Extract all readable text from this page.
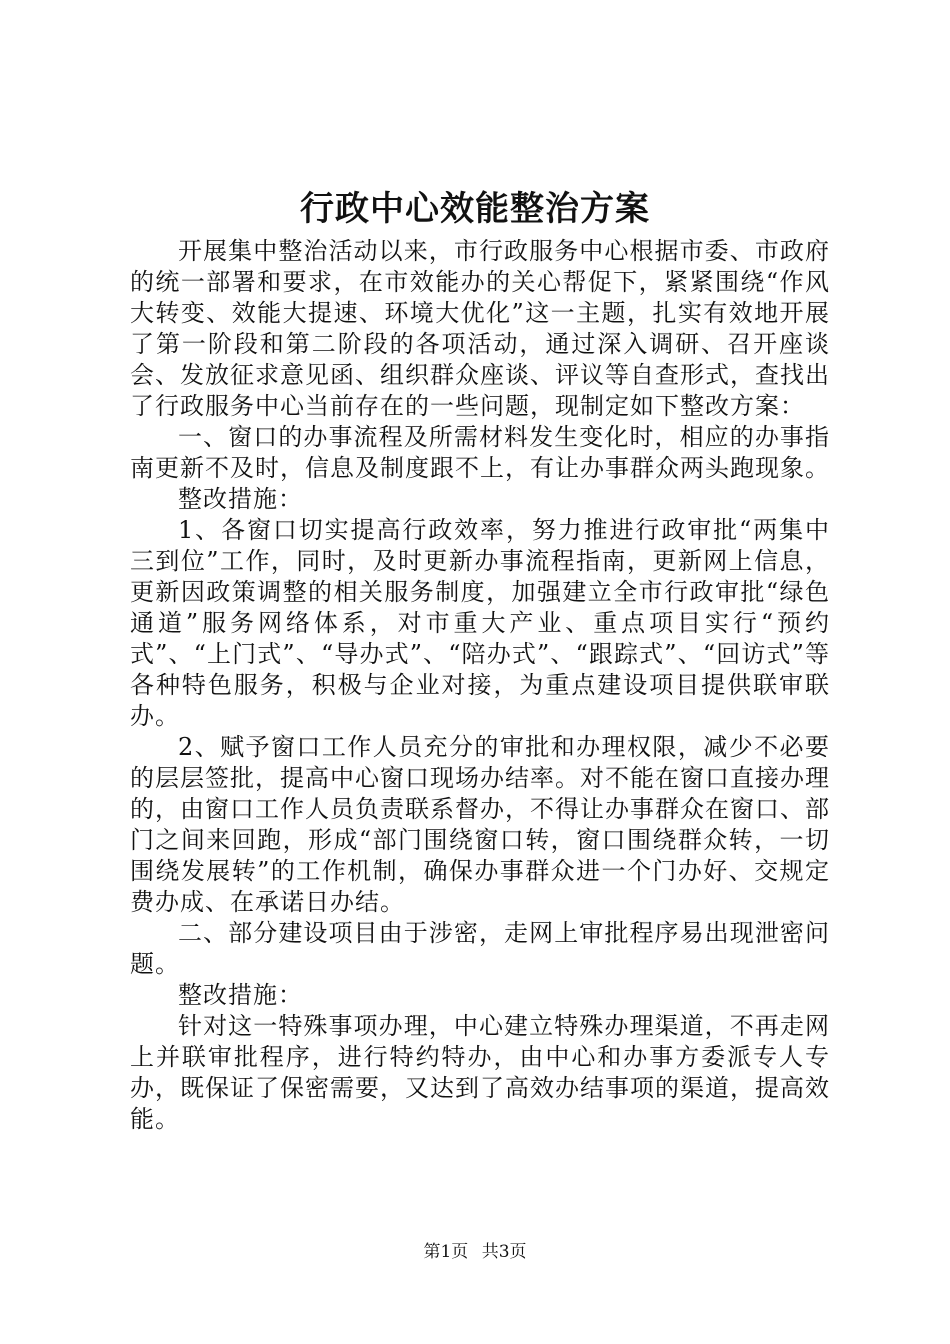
行政中心效能整治方案

开展集中整治活动以来，市行政服务中心根据市委、市政府的统一部署和要求，在市效能办的关心帮促下，紧紧围绕“作风大转变、效能大提速、环境大优化”这一主题，扎实有效地开展了第一阶段和第二阶段的各项活动，通过深入调研、召开座谈会、发放征求意见函、组织群众座谈、评议等自查形式，查找出了行政服务中心当前存在的一些问题，现制定如下整改方案：

一、窗口的办事流程及所需材料发生变化时，相应的办事指南更新不及时，信息及制度跟不上，有让办事群众两头跑现象。

整改措施：

1、各窗口切实提高行政效率，努力推进行政审批“两集中三到位”工作，同时，及时更新办事流程指南，更新网上信息，更新因政策调整的相关服务制度，加强建立全市行政审批“绿色通道”服务网络体系，对市重大产业、重点项目实行“预约式”、“上门式”、“导办式”、“陪办式”、“跟踪式”、“回访式”等各种特色服务，积极与企业对接，为重点建设项目提供联审联办。

2、赋予窗口工作人员充分的审批和办理权限，减少不必要的层层签批，提高中心窗口现场办结率。对不能在窗口直接办理的，由窗口工作人员负责联系督办，不得让办事群众在窗口、部门之间来回跑，形成“部门围绕窗口转，窗口围绕群众转，一切围绕发展转”的工作机制，确保办事群众进一个门办好、交规定费办成、在承诺日办结。

二、部分建设项目由于涉密，走网上审批程序易出现泄密问题。

整改措施：

针对这一特殊事项办理，中心建立特殊办理渠道，不再走网上并联审批程序，进行特约特办，由中心和办事方委派专人专办，既保证了保密需要，又达到了高效办结事项的渠道，提高效能。

第1页 共3页
